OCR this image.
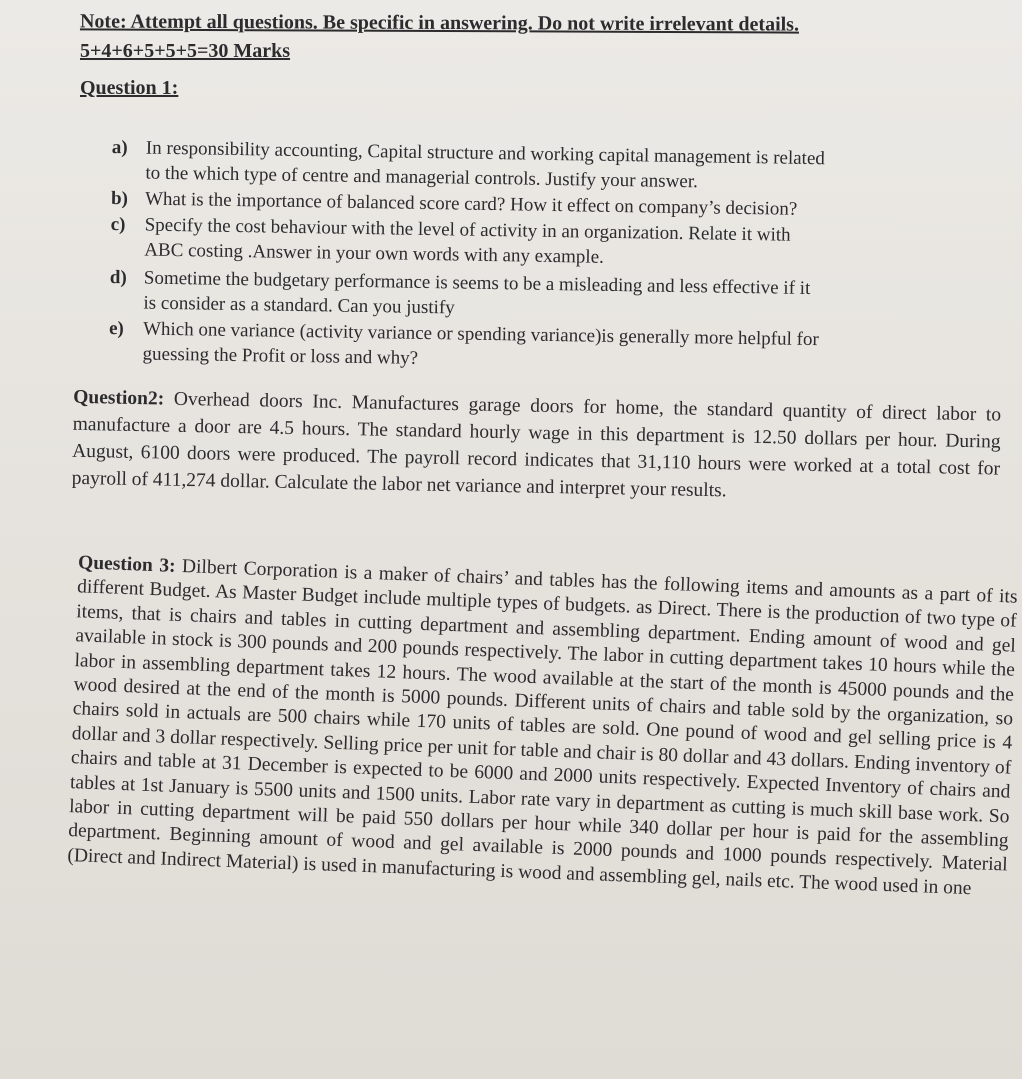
Note: Attempt all questions. Be specific in answering. Do not write irrelevant details.
5+4+6+5+5+5=30 Marks
Question 1:
a) In responsibility accounting, Capital structure and working capital management is related
to the which type of centre and managerial controls. Justify your answer.
b) What is the importance of balanced score card? How it effect on company’s decision?
c) Specify the cost behaviour with the level of activity in an organization. Relate it with
ABC costing .Answer in your own words with any example.
d) Sometime the budgetary performance is seems to be a misleading and less effective if it
is consider as a standard. Can you justify
e) Which one variance (activity variance or spending variance)is generally more helpful for
guessing the Profit or loss and why?
Question2: Overhead doors Inc. Manufactures garage doors for home, the standard quantity of direct labor to manufacture a door are 4.5 hours. The standard hourly wage in this department is 12.50 dollars per hour. During August, 6100 doors were produced. The payroll record indicates that 31,110 hours were worked at a total cost for payroll of 411,274 dollar. Calculate the labor net variance and interpret your results.
Question 3: Dilbert Corporation is a maker of chairs’ and tables has the following items and amounts as a part of its different Budget. As Master Budget include multiple types of budgets. as Direct. There is the production of two type of items, that is chairs and tables in cutting department and assembling department. Ending amount of wood and gel available in stock is 300 pounds and 200 pounds respectively. The labor in cutting department takes 10 hours while the labor in assembling department takes 12 hours. The wood available at the start of the month is 45000 pounds and the wood desired at the end of the month is 5000 pounds. Different units of chairs and table sold by the organization, so chairs sold in actuals are 500 chairs while 170 units of tables are sold. One pound of wood and gel selling price is 4 dollar and 3 dollar respectively. Selling price per unit for table and chair is 80 dollar and 43 dollars. Ending inventory of chairs and table at 31 December is expected to be 6000 and 2000 units respectively. Expected Inventory of chairs and tables at 1st January is 5500 units and 1500 units. Labor rate vary in department as cutting is much skill base work. So labor in cutting department will be paid 550 dollars per hour while 340 dollar per hour is paid for the assembling department. Beginning amount of wood and gel available is 2000 pounds and 1000 pounds respectively. Material (Direct and Indirect Material) is used in manufacturing is wood and assembling gel, nails etc. The wood used in one
